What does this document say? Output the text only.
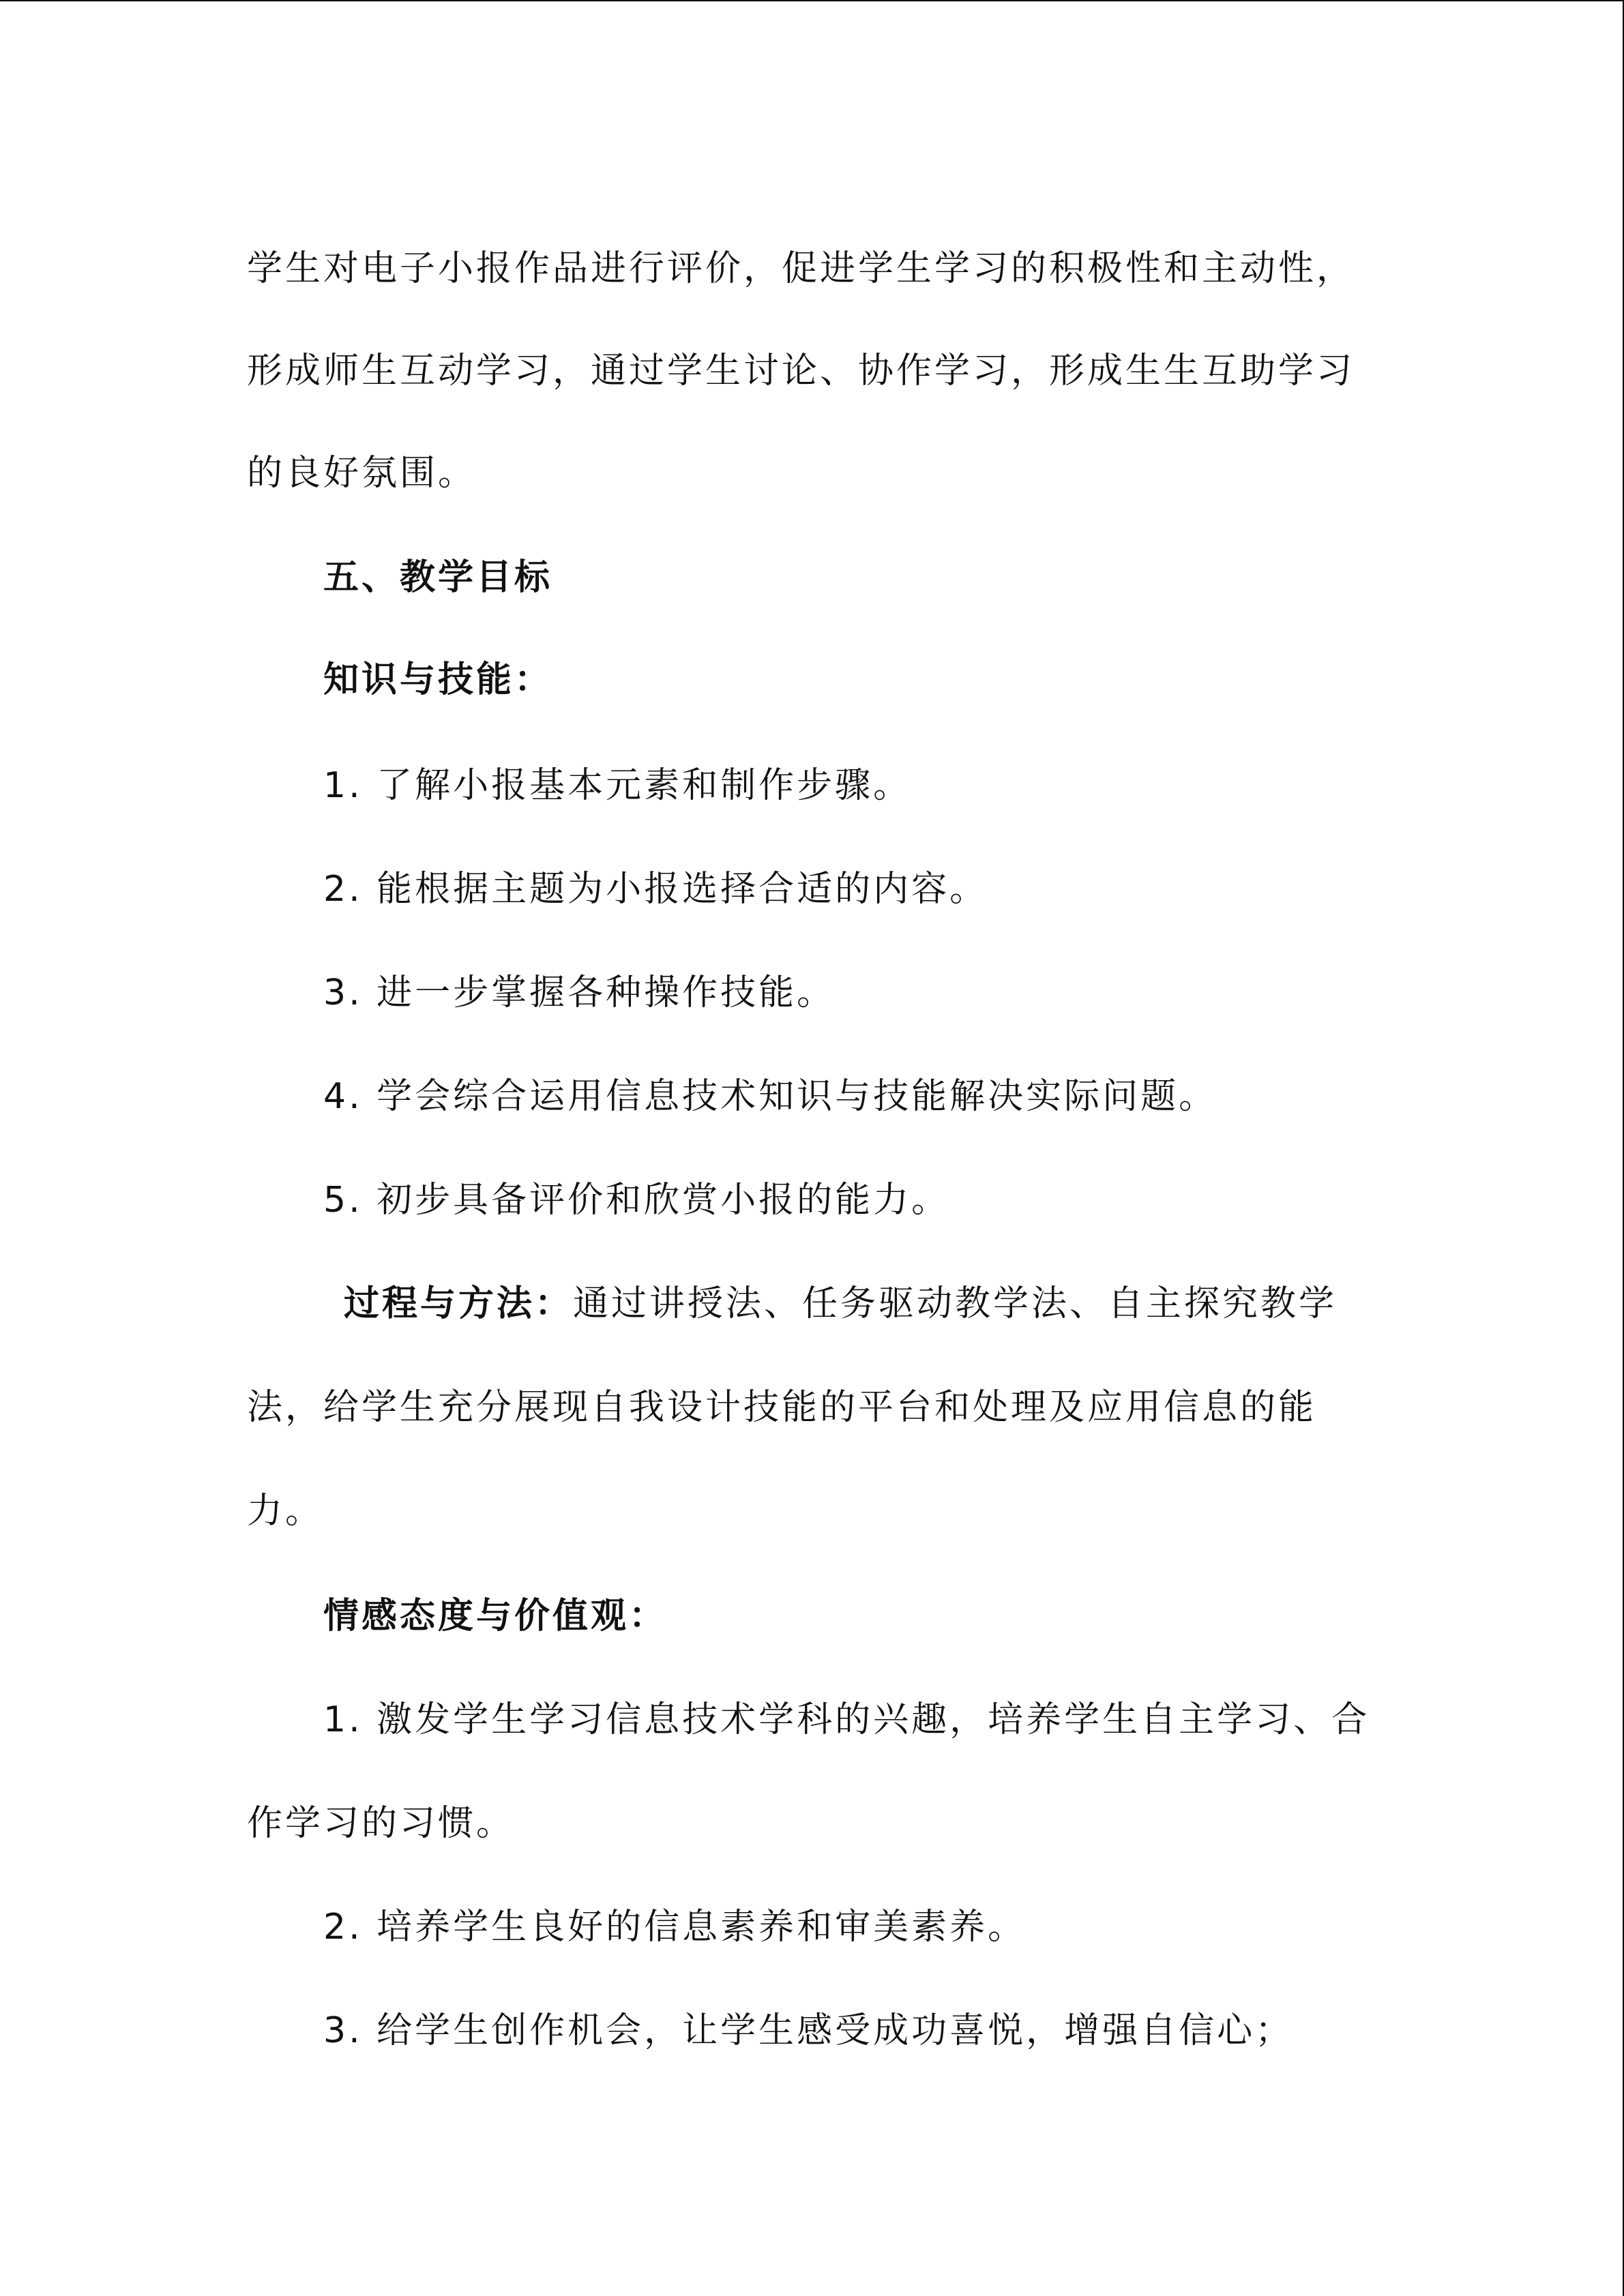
学生对电子小报作品进行评价，促进学生学习的积极性和主动性，
形成师生互动学习，通过学生讨论、协作学习，形成生生互助学习
的良好氛围。
五、教学目标
知识与技能：
1. 了解小报基本元素和制作步骤。
2. 能根据主题为小报选择合适的内容。
3. 进一步掌握各种操作技能。
4. 学会综合运用信息技术知识与技能解决实际问题。
5. 初步具备评价和欣赏小报的能力。
过程与方法：通过讲授法、任务驱动教学法、自主探究教学
法，给学生充分展现自我设计技能的平台和处理及应用信息的能
力。
情感态度与价值观：
1. 激发学生学习信息技术学科的兴趣，培养学生自主学习、合
作学习的习惯。
2. 培养学生良好的信息素养和审美素养。
3. 给学生创作机会，让学生感受成功喜悦，增强自信心；
